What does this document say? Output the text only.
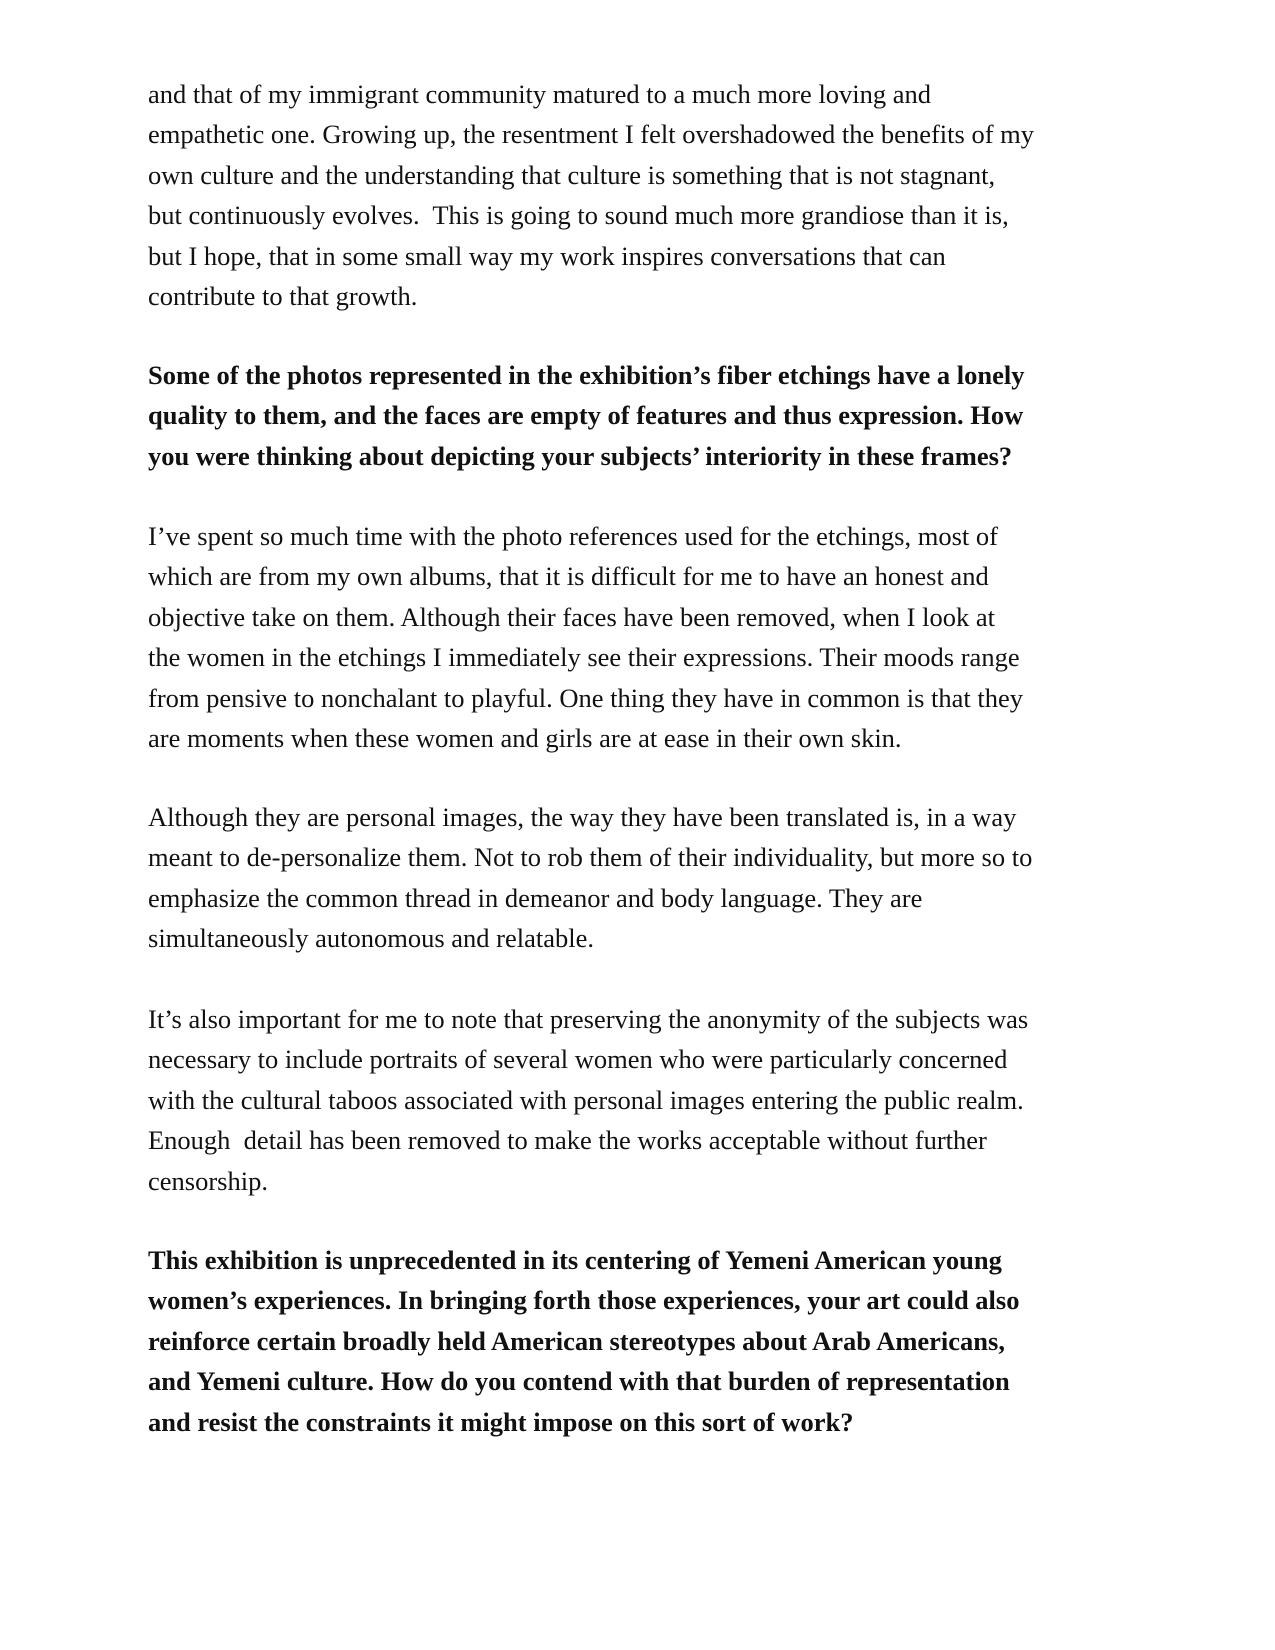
and that of my immigrant community matured to a much more loving and
empathetic one. Growing up, the resentment I felt overshadowed the benefits of my
own culture and the understanding that culture is something that is not stagnant,
but continuously evolves.  This is going to sound much more grandiose than it is,
but I hope, that in some small way my work inspires conversations that can
contribute to that growth.

Some of the photos represented in the exhibition’s fiber etchings have a lonely
quality to them, and the faces are empty of features and thus expression. How
you were thinking about depicting your subjects’ interiority in these frames?

I’ve spent so much time with the photo references used for the etchings, most of
which are from my own albums, that it is difficult for me to have an honest and
objective take on them. Although their faces have been removed, when I look at
the women in the etchings I immediately see their expressions. Their moods range
from pensive to nonchalant to playful. One thing they have in common is that they
are moments when these women and girls are at ease in their own skin.

Although they are personal images, the way they have been translated is, in a way
meant to de-personalize them. Not to rob them of their individuality, but more so to
emphasize the common thread in demeanor and body language. They are
simultaneously autonomous and relatable.

It’s also important for me to note that preserving the anonymity of the subjects was
necessary to include portraits of several women who were particularly concerned
with the cultural taboos associated with personal images entering the public realm.
Enough  detail has been removed to make the works acceptable without further
censorship.

This exhibition is unprecedented in its centering of Yemeni American young
women’s experiences. In bringing forth those experiences, your art could also
reinforce certain broadly held American stereotypes about Arab Americans,
and Yemeni culture. How do you contend with that burden of representation
and resist the constraints it might impose on this sort of work?
